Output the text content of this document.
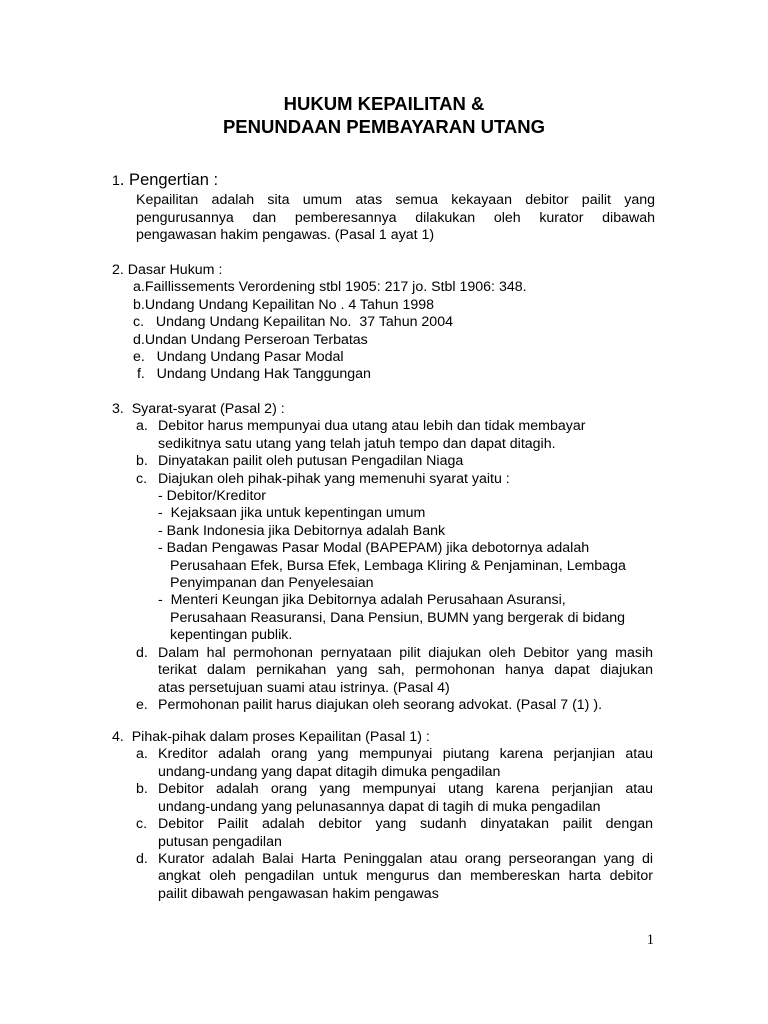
HUKUM KEPAILITAN &
PENUNDAAN PEMBAYARAN UTANG
1. Pengertian :
Kepailitan adalah sita umum atas semua kekayaan debitor pailit yang
pengurusannya dan pemberesannya dilakukan oleh kurator dibawah
pengawasan hakim pengawas. (Pasal 1 ayat 1)
2. Dasar Hukum :
a.Faillissements Verordening stbl 1905: 217 jo. Stbl 1906: 348.
b.Undang Undang Kepailitan No . 4 Tahun 1998
c.   Undang Undang Kepailitan No.  37 Tahun 2004
d.Undan Undang Perseroan Terbatas
e.   Undang Undang Pasar Modal
f.   Undang Undang Hak Tanggungan
3.  Syarat-syarat (Pasal 2) :
a. Debitor harus mempunyai dua utang atau lebih dan tidak membayar
sedikitnya satu utang yang telah jatuh tempo dan dapat ditagih.
b. Dinyatakan pailit oleh putusan Pengadilan Niaga
c. Diajukan oleh pihak-pihak yang memenuhi syarat yaitu :
- Debitor/Kreditor
-  Kejaksaan jika untuk kepentingan umum
- Bank Indonesia jika Debitornya adalah Bank
- Badan Pengawas Pasar Modal (BAPEPAM) jika debotornya adalah
Perusahaan Efek, Bursa Efek, Lembaga Kliring & Penjaminan, Lembaga
Penyimpanan dan Penyelesaian
-  Menteri Keungan jika Debitornya adalah Perusahaan Asuransi,
Perusahaan Reasuransi, Dana Pensiun, BUMN yang bergerak di bidang
kepentingan publik.
d. Dalam hal permohonan pernyataan pilit diajukan oleh Debitor yang masih
terikat dalam pernikahan yang sah, permohonan hanya dapat diajukan
atas persetujuan suami atau istrinya. (Pasal 4)
e. Permohonan pailit harus diajukan oleh seorang advokat. (Pasal 7 (1) ).
4.  Pihak-pihak dalam proses Kepailitan (Pasal 1) :
a. Kreditor adalah orang yang mempunyai piutang karena perjanjian atau
undang-undang yang dapat ditagih dimuka pengadilan
b. Debitor adalah orang yang mempunyai utang karena perjanjian atau
undang-undang yang pelunasannya dapat di tagih di muka pengadilan
c. Debitor Pailit adalah debitor yang sudanh dinyatakan pailit dengan
putusan pengadilan
d. Kurator adalah Balai Harta Peninggalan atau orang perseorangan yang di
angkat oleh pengadilan untuk mengurus dan membereskan harta debitor
pailit dibawah pengawasan hakim pengawas
1
